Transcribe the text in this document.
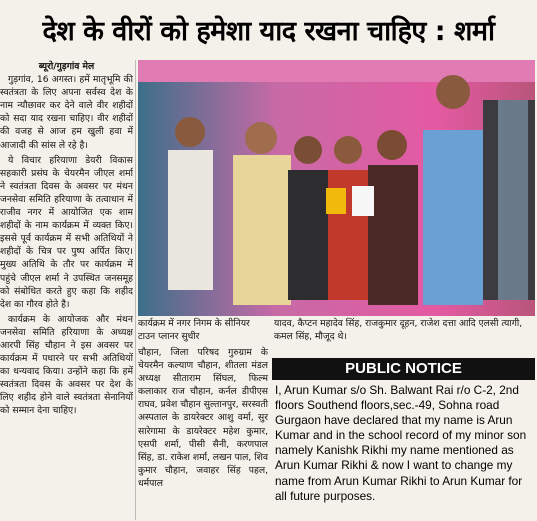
देश के वीरों को हमेशा याद रखना चाहिए : शर्मा
ब्यूरो/गुड़गांव मेल

गुड़गांव, 16 अगस्त। हमें मातृभूमि की स्वतंत्रता के लिए अपना सर्वस्व देश के नाम न्यौछावर कर देने वाले वीर शहीदों को सदा याद रखना चाहिए। वीर शहीदों की वजह से आज हम खुली हवा में आजादी की सांस ले रहे है।

ये विचार हरियाणा डेयरी विकास सहकारी प्रसंघ के चेयरमैन जीएल शर्मा ने स्वतंत्रता दिवस के अवसर पर मंथन जनसेवा समिति हरियाणा के तत्वाधान में राजीव नगर में आयोजित एक शाम शहीदों के नाम कार्यक्रम में व्यक्त किए। इससे पूर्व कार्यक्रम में सभी अतिथियों ने शहीदों के चित्र पर पुष्प अर्पित किए। मुख्य अतिथि के तौर पर कार्यक्रम में पहुंचे जीएल शर्मा ने उपस्थित जनसमूह को संबोधित करते हुए कहा कि शहीद देश का गौरव होते है।

कार्यक्रम के आयोजक और मंथन जनसेवा समिति हरियाणा के अध्यक्ष आरपी सिंह चौहान ने इस अवसर पर कार्यक्रम में पधारने पर सभी अतिथियों का धन्यवाद किया। उन्होंने कहा कि हमें स्वतंत्रता दिवस के अवसर पर देश के लिए शहीद होने वाले स्वतंत्रता सेनानियों को सम्मान देना चाहिए।

कार्यक्रम में नगर निगम के सीनियर टाउन प्लानर सुधीर
चौहान, जिला परिषद गुरुग्राम के चेयरमैन कल्याण चौहान, शीतला मंडल अध्यक्ष सीताराम सिंघल, फिल्म कलाकार राज चौहान, कर्नल डीपीएस राघव, प्रवेश चौहान सुल्तानपुर, सरस्वती अस्पताल के डायरेक्टर आशु वर्मा, सुर सारेगामा के डायरेक्टर महेश कुमार, एसपी शर्मा, पीसी सैनी, करणपाल सिंह, डा. राकेश शर्मा, लखन पाल, शिव कुमार चौहान, जवाहर सिंह पहल, धर्मपाल
यादव, कैप्टन महादेव सिंह, राजकुमार दूहन, राजेश दत्ता आदि एलसी त्यागी, कमल सिंह, मौजूद थे।
PUBLIC NOTICE
I, Arun Kumar s/o Sh. Balwant Rai r/o C-2, 2nd floors Southend floors,sec.-49, Sohna road Gurgaon have declared that my name is Arun Kumar and in the school record of my minor son namely Kanishk Rikhi my name mentioned as Arun Kumar Rikhi & now I want to change my name from Arun Kumar Rikhi to Arun Kumar for all future purposes.
